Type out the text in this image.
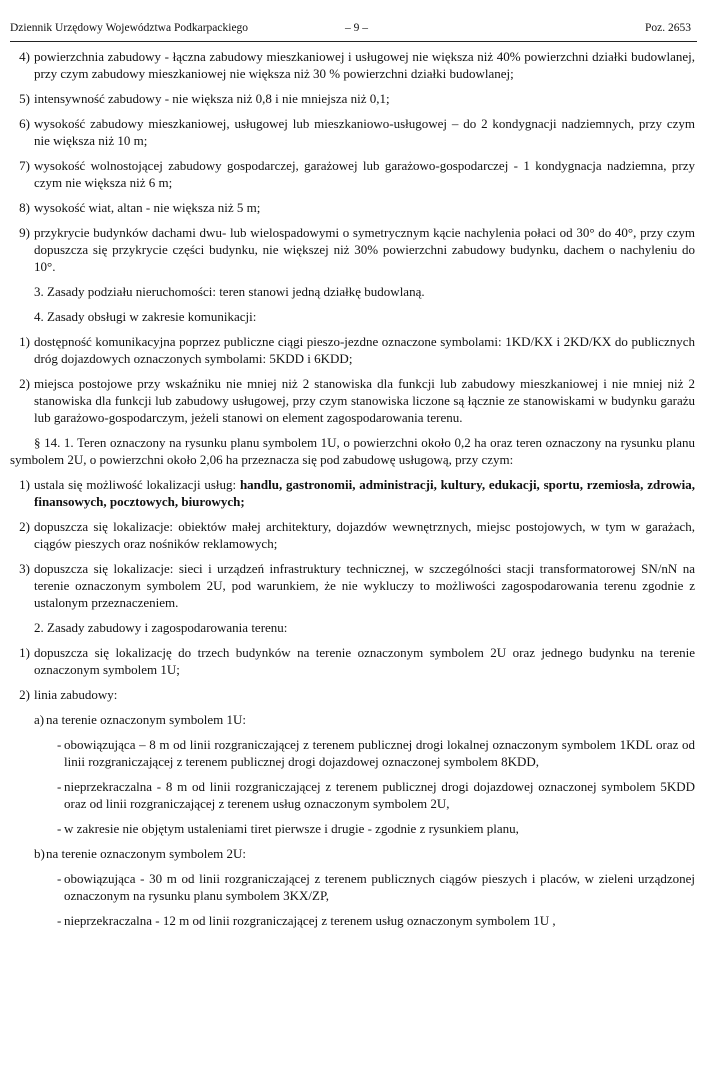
Dziennik Urzędowy Województwa Podkarpackiego	– 9 –	Poz. 2653
4) powierzchnia zabudowy - łączna zabudowy mieszkaniowej i usługowej nie większa niż 40% powierzchni działki budowlanej, przy czym zabudowy mieszkaniowej nie większa niż 30 % powierzchni działki budowlanej;
5) intensywność zabudowy - nie większa niż 0,8 i nie mniejsza niż 0,1;
6) wysokość zabudowy mieszkaniowej, usługowej lub mieszkaniowo-usługowej – do 2 kondygnacji nadziemnych, przy czym nie większa niż 10 m;
7) wysokość wolnostojącej zabudowy gospodarczej, garażowej lub garażowo-gospodarczej - 1 kondygnacja nadziemna, przy czym nie większa niż 6 m;
8) wysokość wiat, altan - nie większa niż 5 m;
9) przykrycie budynków dachami dwu- lub wielospadowymi o symetrycznym kącie nachylenia połaci od 30° do 40°, przy czym dopuszcza się przykrycie części budynku, nie większej niż 30% powierzchni zabudowy budynku, dachem o nachyleniu do 10°.
3. Zasady podziału nieruchomości: teren stanowi jedną działkę budowlaną.
4. Zasady obsługi w zakresie komunikacji:
1) dostępność komunikacyjna poprzez publiczne ciągi pieszo-jezdne oznaczone symbolami: 1KD/KX i 2KD/KX do publicznych dróg dojazdowych oznaczonych symbolami: 5KDD i 6KDD;
2) miejsca postojowe przy wskaźniku nie mniej niż 2 stanowiska dla funkcji lub zabudowy mieszkaniowej i nie mniej niż 2 stanowiska dla funkcji lub zabudowy usługowej, przy czym stanowiska liczone są łącznie ze stanowiskami w budynku garażu lub garażowo-gospodarczym, jeżeli stanowi on element zagospodarowania terenu.
§ 14. 1. Teren oznaczony na rysunku planu symbolem 1U, o powierzchni około 0,2 ha oraz teren oznaczony na rysunku planu symbolem 2U, o powierzchni około 2,06 ha przeznacza się pod zabudowę usługową, przy czym:
1) ustala się możliwość lokalizacji usług: handlu, gastronomii, administracji, kultury, edukacji, sportu, rzemiosła, zdrowia, finansowych, pocztowych, biurowych;
2) dopuszcza się lokalizacje: obiektów małej architektury, dojazdów wewnętrznych, miejsc postojowych, w tym w garażach, ciągów pieszych oraz nośników reklamowych;
3) dopuszcza się lokalizacje: sieci i urządzeń infrastruktury technicznej, w szczególności stacji transformatorowej SN/nN na terenie oznaczonym symbolem 2U, pod warunkiem, że nie wykluczy to możliwości zagospodarowania terenu zgodnie z ustalonym przeznaczeniem.
2. Zasady zabudowy i zagospodarowania terenu:
1) dopuszcza się lokalizację do trzech budynków na terenie oznaczonym symbolem 2U oraz jednego budynku na terenie oznaczonym symbolem 1U;
2) linia zabudowy:
a) na terenie oznaczonym symbolem 1U:
- obowiązująca – 8 m od linii rozgraniczającej z terenem publicznej drogi lokalnej oznaczonym symbolem 1KDL oraz od linii rozgraniczającej z terenem publicznej drogi dojazdowej oznaczonej symbolem 8KDD,
- nieprzekraczalna - 8 m od linii rozgraniczającej z terenem publicznej drogi dojazdowej oznaczonej symbolem 5KDD oraz od linii rozgraniczającej z terenem usług oznaczonym symbolem 2U,
- w zakresie nie objętym ustaleniami tiret pierwsze i drugie - zgodnie z rysunkiem planu,
b) na terenie oznaczonym symbolem 2U:
- obowiązująca - 30 m od linii rozgraniczającej z terenem publicznych ciągów pieszych i placów, w zieleni urządzonej oznaczonym na rysunku planu symbolem 3KX/ZP,
- nieprzekraczalna - 12 m od linii rozgraniczającej z terenem usług oznaczonym symbolem 1U ,
